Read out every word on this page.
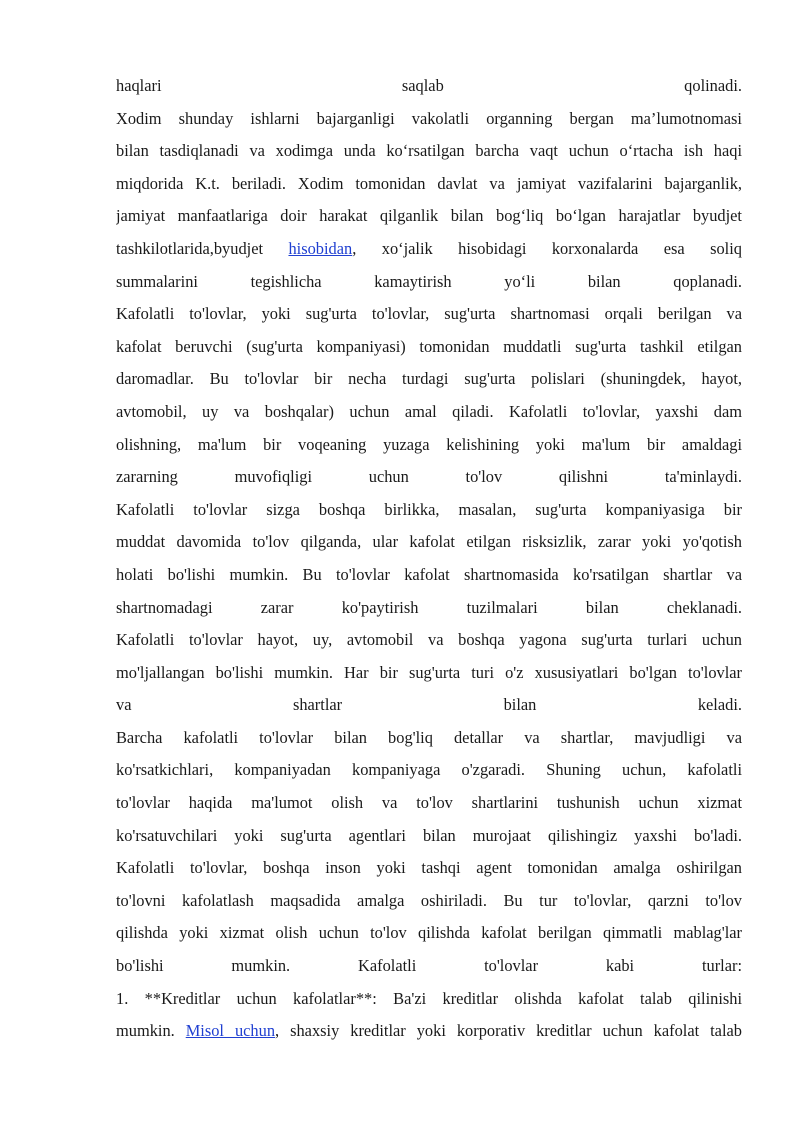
haqlari saqlab qolinadi.
Xodim shunday ishlarni bajarganligi vakolatli organning bergan ma’lumotnomasi
bilan tasdiqlanadi va xodimga unda ko‘rsatilgan barcha vaqt uchun o‘rtacha ish haqi
miqdorida K.t. beriladi. Xodim tomonidan davlat va jamiyat vazifalarini bajarganlik,
jamiyat manfaatlariga doir harakat qilganlik bilan bog‘liq bo‘lgan harajatlar byudjet
tashkilotlarida,byudjet hisobidan, xo‘jalik hisobidagi korxonalarda esa soliq
summalarini tegishlicha kamaytirish yo‘li bilan qoplanadi.
Kafolatli to'lovlar, yoki sug'urta to'lovlar, sug'urta shartnomasi orqali berilgan va
kafolat beruvchi (sug'urta kompaniyasi) tomonidan muddatli sug'urta tashkil etilgan
daromadlar. Bu to'lovlar bir necha turdagi sug'urta polislari (shuningdek, hayot,
avtomobil, uy va boshqalar) uchun amal qiladi. Kafolatli to'lovlar, yaxshi dam
olishning, ma'lum bir voqeaning yuzaga kelishining yoki ma'lum bir amaldagi
zararning muvofiqligi uchun to'lov qilishni ta'minlaydi.
Kafolatli to'lovlar sizga boshqa birlikka, masalan, sug'urta kompaniyasiga bir
muddat davomida to'lov qilganda, ular kafolat etilgan risksizlik, zarar yoki yo'qotish
holati bo'lishi mumkin. Bu to'lovlar kafolat shartnomasida ko'rsatilgan shartlar va
shartnomadagi zarar ko'paytirish tuzilmalari bilan cheklanadi.
Kafolatli to'lovlar hayot, uy, avtomobil va boshqa yagona sug'urta turlari uchun
mo'ljallangan bo'lishi mumkin. Har bir sug'urta turi o'z xususiyatlari bo'lgan to'lovlar
va shartlar bilan keladi.
Barcha kafolatli to'lovlar bilan bog'liq detallar va shartlar, mavjudligi va
ko'rsatkichlari, kompaniyadan kompaniyaga o'zgaradi. Shuning uchun, kafolatli
to'lovlar haqida ma'lumot olish va to'lov shartlarini tushunish uchun xizmat
ko'rsatuvchilari yoki sug'urta agentlari bilan murojaat qilishingiz yaxshi bo'ladi.
Kafolatli to'lovlar, boshqa inson yoki tashqi agent tomonidan amalga oshirilgan
to'lovni kafolatlash maqsadida amalga oshiriladi. Bu tur to'lovlar, qarzni to'lov
qilishda yoki xizmat olish uchun to'lov qilishda kafolat berilgan qimmatli mablag'lar
bo'lishi mumkin. Kafolatli to'lovlar kabi turlar:
1. **Kreditlar uchun kafolatlar**: Ba'zi kreditlar olishda kafolat talab qilinishi
mumkin. Misol uchun, shaxsiy kreditlar yoki korporativ kreditlar uchun kafolat talab
